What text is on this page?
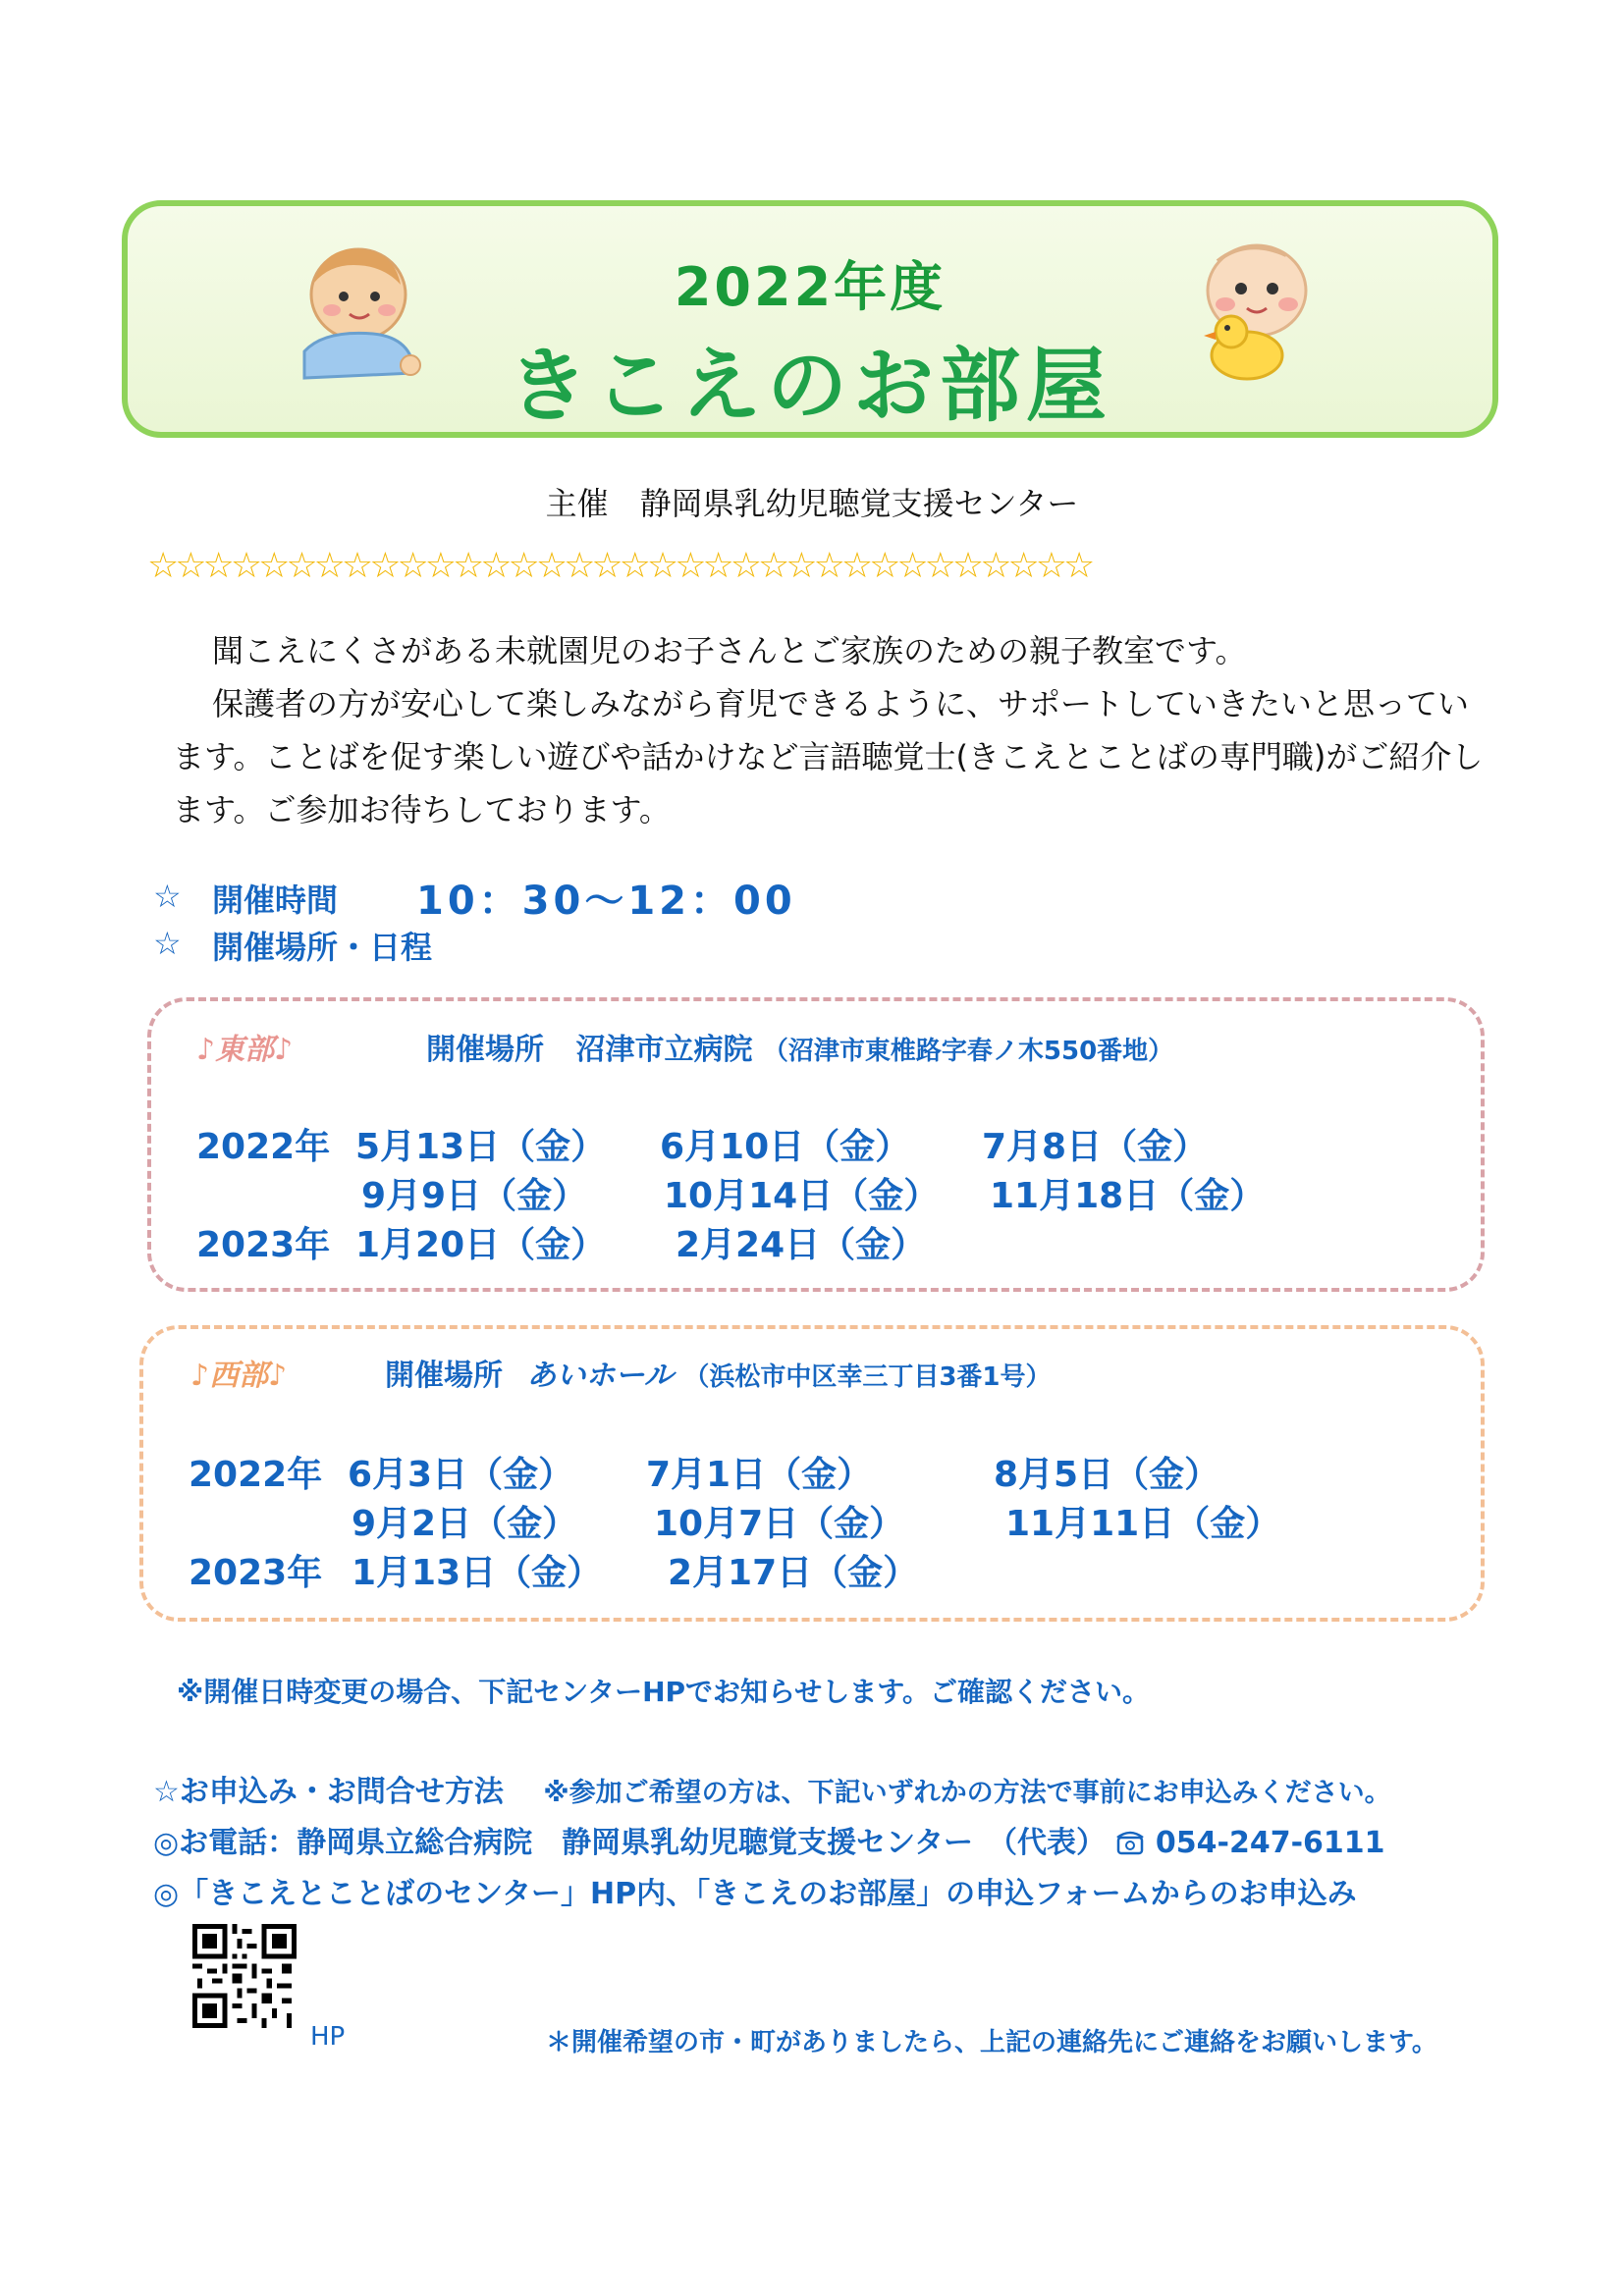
2022年度
きこえのお部屋
主催　静岡県乳幼児聴覚支援センター
☆☆☆☆☆☆☆☆☆☆☆☆☆☆☆☆☆☆☆☆☆☆☆☆☆☆☆☆☆☆☆☆☆☆
聞こえにくさがある未就園児のお子さんとご家族のための親子教室です。
保護者の方が安心して楽しみながら育児できるように、サポートしていきたいと思っています。ことばを促す楽しい遊びや話かけなど言語聴覚士(きこえとことばの専門職)がご紹介します。ご参加お待ちしております。
☆ 開催時間 10：30～12：00
☆ 開催場所・日程
♪東部♪	開催場所 沼津市立病院 （沼津市東椎路字春ノ木550番地）
2022年 5月13日（金） 6月10日（金） 7月8日（金）
9月9日（金） 10月14日（金） 11月18日（金）
2023年 1月20日（金） 2月24日（金）
♪西部♪	開催場所 あいホール （浜松市中区幸三丁目3番1号）
2022年 6月3日（金） 7月1日（金）	8月5日（金）
9月2日（金） 10月7日（金）	11月11日（金）
2023年 1月13日（金） 2月17日（金）
※開催日時変更の場合、下記センターHPでお知らせします。ご確認ください。
☆お申込み・お問合せ方法 ※参加ご希望の方は、下記いずれかの方法で事前にお申込みください。
◎お電話：静岡県立総合病院　静岡県乳幼児聴覚支援センター　（代表） 054-247-6111
◎「きこえとことばのセンター」HP内、「きこえのお部屋」の申込フォームからのお申込み
HP	＊開催希望の市・町がありましたら、上記の連絡先にご連絡をお願いします。
